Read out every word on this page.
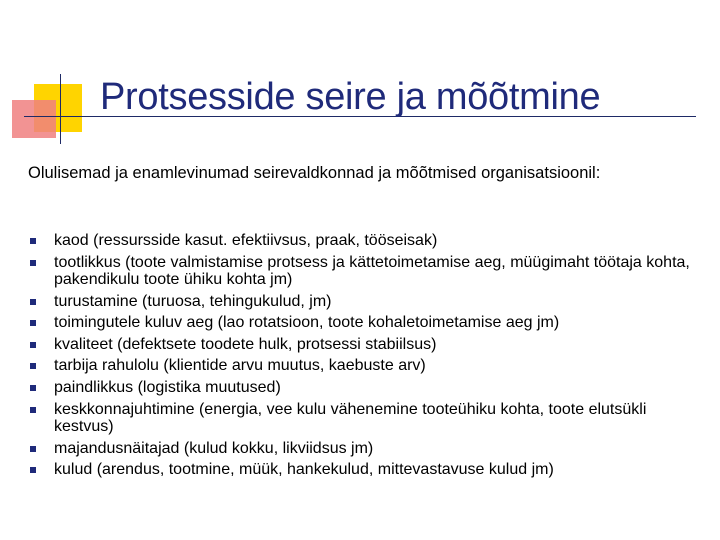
Protsesside seire ja mõõtmine

Olulisemad ja enamlevinumad seirevaldkonnad ja mõõtmised organisatsioonil:

kaod (ressursside kasut. efektiivsus, praak, tööseisak)
tootlikkus (toote valmistamise protsess ja kättetoimetamise aeg, müügimaht töötaja kohta, pakendikulu toote ühiku kohta jm)
turustamine (turuosa, tehingukulud, jm)
toimingutele kuluv aeg (lao rotatsioon, toote kohaletoimetamise aeg jm)
kvaliteet (defektsete toodete hulk, protsessi stabiilsus)
tarbija rahulolu (klientide arvu muutus, kaebuste arv)
paindlikkus (logistika muutused)
keskkonnajuhtimine (energia, vee kulu vähenemine tooteühiku kohta, toote elutsükli kestvus)
majandusnäitajad (kulud kokku, likviidsus jm)
kulud (arendus, tootmine, müük, hankekulud, mittevastavuse kulud jm)
